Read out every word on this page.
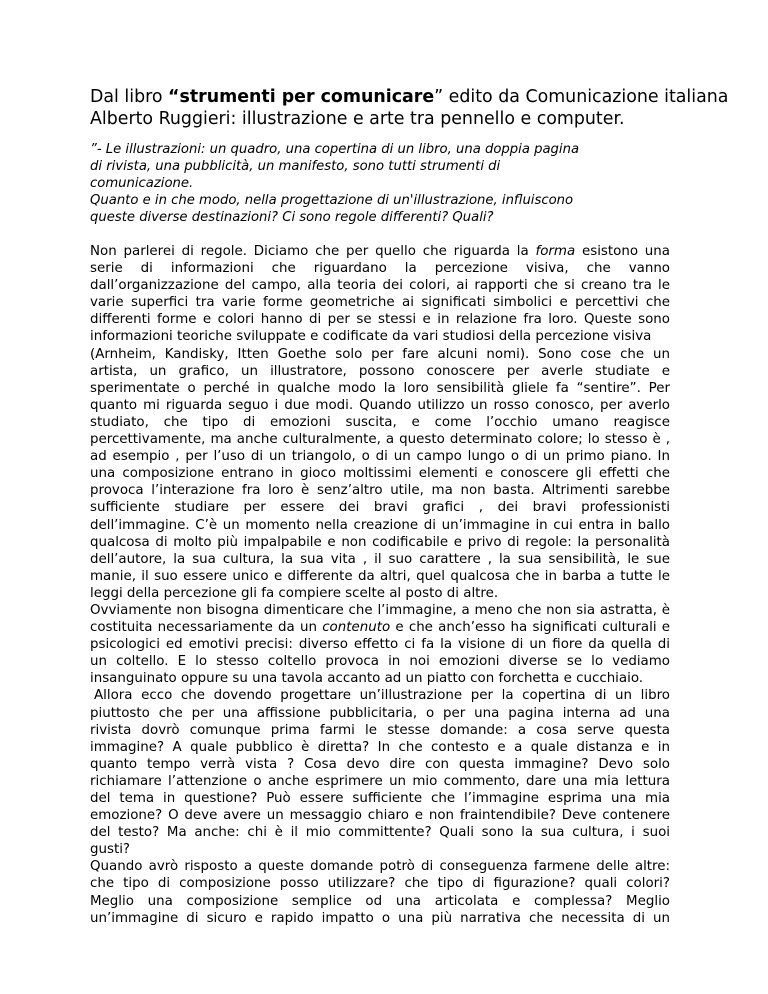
Dal libro “strumenti per comunicare” edito da Comunicazione italiana
Alberto Ruggieri: illustrazione e arte tra pennello e computer.
”- Le illustrazioni: un quadro, una copertina di un libro, una doppia pagina
di rivista, una pubblicità, un manifesto, sono tutti strumenti di
comunicazione.
Quanto e in che modo, nella progettazione di un'illustrazione, influiscono
queste diverse destinazioni? Ci sono regole differenti? Quali?
Non parlerei di regole. Diciamo che per quello che riguarda la forma esistono una
serie di informazioni che riguardano la percezione visiva, che vanno
dall’organizzazione del campo, alla teoria dei colori, ai rapporti che si creano tra le
varie superfici tra varie forme geometriche ai significati simbolici e percettivi che
differenti forme e colori hanno di per se stessi e in relazione fra loro. Queste sono
informazioni teoriche sviluppate e codificate da vari studiosi della percezione visiva
(Arnheim, Kandisky, Itten Goethe solo per fare alcuni nomi). Sono cose che un
artista, un grafico, un illustratore, possono conoscere per averle studiate e
sperimentate o perché in qualche modo la loro sensibilità gliele fa “sentire”. Per
quanto mi riguarda seguo i due modi. Quando utilizzo un rosso conosco, per averlo
studiato, che tipo di emozioni suscita, e come l’occhio umano reagisce
percettivamente, ma anche culturalmente, a questo determinato colore; lo stesso è ,
ad esempio , per l’uso di un triangolo, o di un campo lungo o di un primo piano. In
una composizione entrano in gioco moltissimi elementi e conoscere gli effetti che
provoca l’interazione fra loro è senz’altro utile, ma non basta. Altrimenti sarebbe
sufficiente studiare per essere dei bravi grafici , dei bravi professionisti
dell’immagine. C’è un momento nella creazione di un’immagine in cui entra in ballo
qualcosa di molto più impalpabile e non codificabile e privo di regole: la personalità
dell’autore, la sua cultura, la sua vita , il suo carattere , la sua sensibilità, le sue
manie, il suo essere unico e differente da altri, quel qualcosa che in barba a tutte le
leggi della percezione gli fa compiere scelte al posto di altre.
Ovviamente non bisogna dimenticare che l’immagine, a meno che non sia astratta, è
costituita necessariamente da un contenuto e che anch’esso ha significati culturali e
psicologici ed emotivi precisi: diverso effetto ci fa la visione di un fiore da quella di
un coltello. E lo stesso coltello provoca in noi emozioni diverse se lo vediamo
insanguinato oppure su una tavola accanto ad un piatto con forchetta e cucchiaio.
Allora ecco che dovendo progettare un’illustrazione per la copertina di un libro
piuttosto che per una affissione pubblicitaria, o per una pagina interna ad una
rivista dovrò comunque prima farmi le stesse domande: a cosa serve questa
immagine? A quale pubblico è diretta? In che contesto e a quale distanza e in
quanto tempo verrà vista ? Cosa devo dire con questa immagine? Devo solo
richiamare l’attenzione o anche esprimere un mio commento, dare una mia lettura
del tema in questione? Può essere sufficiente che l’immagine esprima una mia
emozione? O deve avere un messaggio chiaro e non fraintendibile? Deve contenere
del testo? Ma anche: chi è il mio committente? Quali sono la sua cultura, i suoi
gusti?
Quando avrò risposto a queste domande potrò di conseguenza farmene delle altre:
che tipo di composizione posso utilizzare? che tipo di figurazione? quali colori?
Meglio una composizione semplice od una articolata e complessa? Meglio
un’immagine di sicuro e rapido impatto o una più narrativa che necessita di un
